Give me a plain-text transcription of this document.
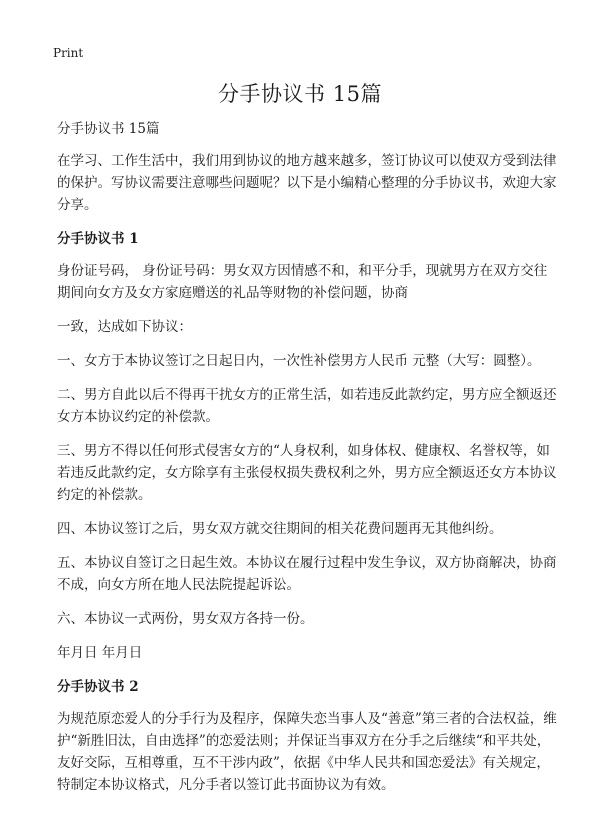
Print
分手协议书 15篇

分手协议书 15篇

在学习、工作生活中，我们用到协议的地方越来越多，签订协议可以使双方受到法律的保护。写协议需要注意哪些问题呢？以下是小编精心整理的分手协议书，欢迎大家分享。

分手协议书 1

身份证号码， 身份证号码：男女双方因情感不和，和平分手，现就男方在双方交往期间向女方及女方家庭赠送的礼品等财物的补偿问题，协商

一致，达成如下协议：

一、女方于本协议签订之日起日内，一次性补偿男方人民币 元整（大写：圆整）。

二、男方自此以后不得再干扰女方的正常生活，如若违反此款约定，男方应全额返还女方本协议约定的补偿款。

三、男方不得以任何形式侵害女方的“人身权利，如身体权、健康权、名誉权等，如若违反此款约定，女方除享有主张侵权损失费权利之外，男方应全额返还女方本协议约定的补偿款。

四、本协议签订之后，男女双方就交往期间的相关花费问题再无其他纠纷。

五、本协议自签订之日起生效。本协议在履行过程中发生争议，双方协商解决，协商不成，向女方所在地人民法院提起诉讼。

六、本协议一式两份，男女双方各持一份。

年月日 年月日

分手协议书 2

为规范原恋爱人的分手行为及程序，保障失恋当事人及“善意”第三者的合法权益，维护“新胜旧汰，自由选择”的恋爱法则；并保证当事双方在分手之后继续“和平共处，友好交际，互相尊重，互不干涉内政”，依据《中华人民共和国恋爱法》有关规定，特制定本协议格式，凡分手者以签订此书面协议为有效。
